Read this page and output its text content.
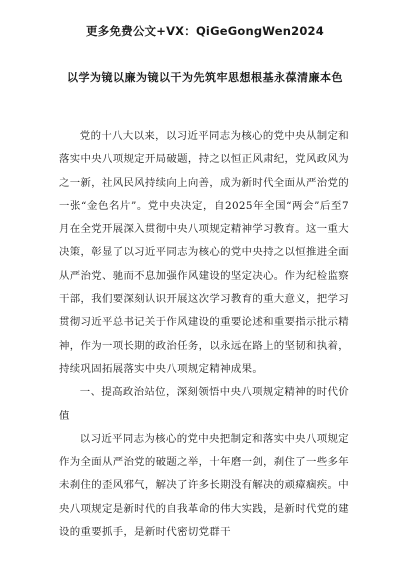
更多免费公文+VX：QiGeGongWen2024
以学为镜以廉为镜以干为先筑牢思想根基永葆清廉本色

党的十八大以来，以习近平同志为核心的党中央从制定和落实中央八项规定开局破题，持之以恒正风肃纪，党风政风为之一新，社风民风持续向上向善，成为新时代全面从严治党的一张“金色名片”。党中央决定，自2025年全国“两会”后至7月在全党开展深入贯彻中央八项规定精神学习教育。这一重大决策，彰显了以习近平同志为核心的党中央持之以恒推进全面从严治党、驰而不息加强作风建设的坚定决心。作为纪检监察干部，我们要深刻认识开展这次学习教育的重大意义，把学习贯彻习近平总书记关于作风建设的重要论述和重要指示批示精神，作为一项长期的政治任务，以永远在路上的坚韧和执着，持续巩固拓展落实中央八项规定精神成果。

一、提高政治站位，深刻领悟中央八项规定精神的时代价值

以习近平同志为核心的党中央把制定和落实中央八项规定作为全面从严治党的破题之举，十年磨一剑，刹住了一些多年未刹住的歪风邪气，解决了许多长期没有解决的顽瘴痼疾。中央八项规定是新时代的自我革命的伟大实践，是新时代党的建设的重要抓手，是新时代密切党群干
